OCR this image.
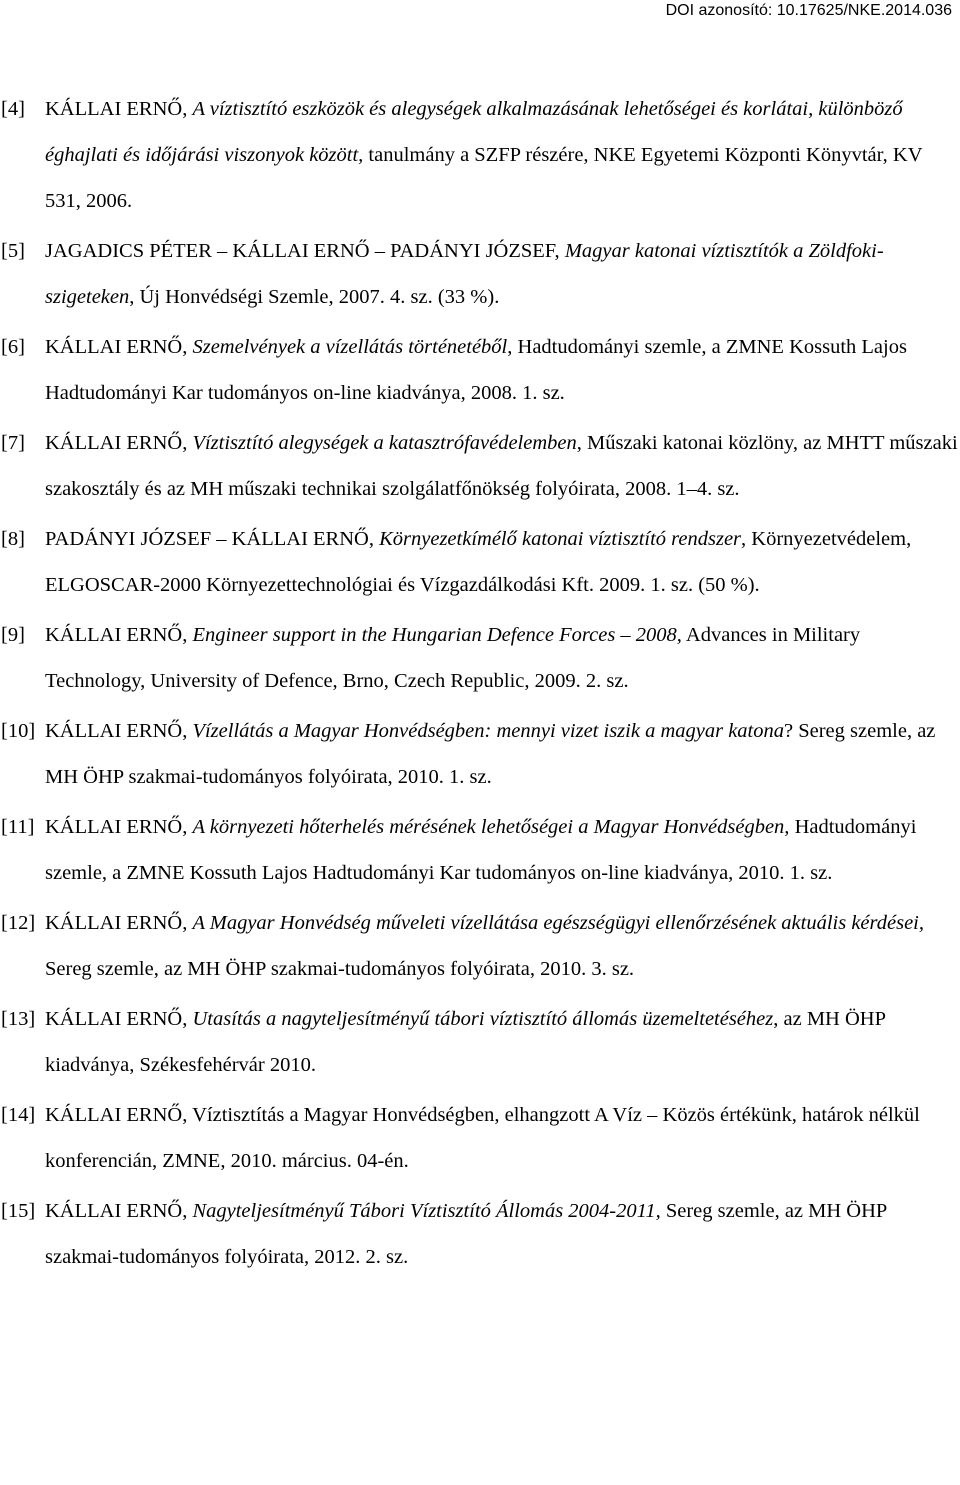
DOI azonosító: 10.17625/NKE.2014.036
[4] KÁLLAI ERNŐ, A víztisztító eszközök és alegységek alkalmazásának lehetőségei és korlátai, különböző éghajlati és időjárási viszonyok között, tanulmány a SZFP részére, NKE Egyetemi Központi Könyvtár, KV 531, 2006.
[5] JAGADICS PÉTER – KÁLLAI ERNŐ – PADÁNYI JÓZSEF, Magyar katonai víztisztítók a Zöldfoki-szigeteken, Új Honvédségi Szemle, 2007. 4. sz. (33 %).
[6] KÁLLAI ERNŐ, Szemelvények a vízellátás történetéből, Hadtudományi szemle, a ZMNE Kossuth Lajos Hadtudományi Kar tudományos on-line kiadványa, 2008. 1. sz.
[7] KÁLLAI ERNŐ, Víztisztító alegységek a katasztrófavédelemben, Műszaki katonai közlöny, az MHTT műszaki szakosztály és az MH műszaki technikai szolgálatfőnökség folyóirata, 2008. 1–4. sz.
[8] PADÁNYI JÓZSEF – KÁLLAI ERNŐ, Környezetkímélő katonai víztisztító rendszer, Környezetvédelem, ELGOSCAR-2000 Környezettechnológiai és Vízgazdálkodási Kft. 2009. 1. sz. (50 %).
[9] KÁLLAI ERNŐ, Engineer support in the Hungarian Defence Forces – 2008, Advances in Military Technology, University of Defence, Brno, Czech Republic, 2009. 2. sz.
[10] KÁLLAI ERNŐ, Vízellátás a Magyar Honvédségben: mennyi vizet iszik a magyar katona? Sereg szemle, az MH ÖHP szakmai-tudományos folyóirata, 2010. 1. sz.
[11] KÁLLAI ERNŐ, A környezeti hőterhelés mérésének lehetőségei a Magyar Honvédségben, Hadtudományi szemle, a ZMNE Kossuth Lajos Hadtudományi Kar tudományos on-line kiadványa, 2010. 1. sz.
[12] KÁLLAI ERNŐ, A Magyar Honvédség műveleti vízellátása egészségügyi ellenőrzésének aktuális kérdései, Sereg szemle, az MH ÖHP szakmai-tudományos folyóirata, 2010. 3. sz.
[13] KÁLLAI ERNŐ, Utasítás a nagyteljesítményű tábori víztisztító állomás üzemeltetéséhez, az MH ÖHP kiadványa, Székesfehérvár 2010.
[14] KÁLLAI ERNŐ, Víztisztítás a Magyar Honvédségben, elhangzott A Víz – Közös értékünk, határok nélkül konferencián, ZMNE, 2010. március. 04-én.
[15] KÁLLAI ERNŐ, Nagyteljesítményű Tábori Víztisztító Állomás 2004-2011, Sereg szemle, az MH ÖHP szakmai-tudományos folyóirata, 2012. 2. sz.
